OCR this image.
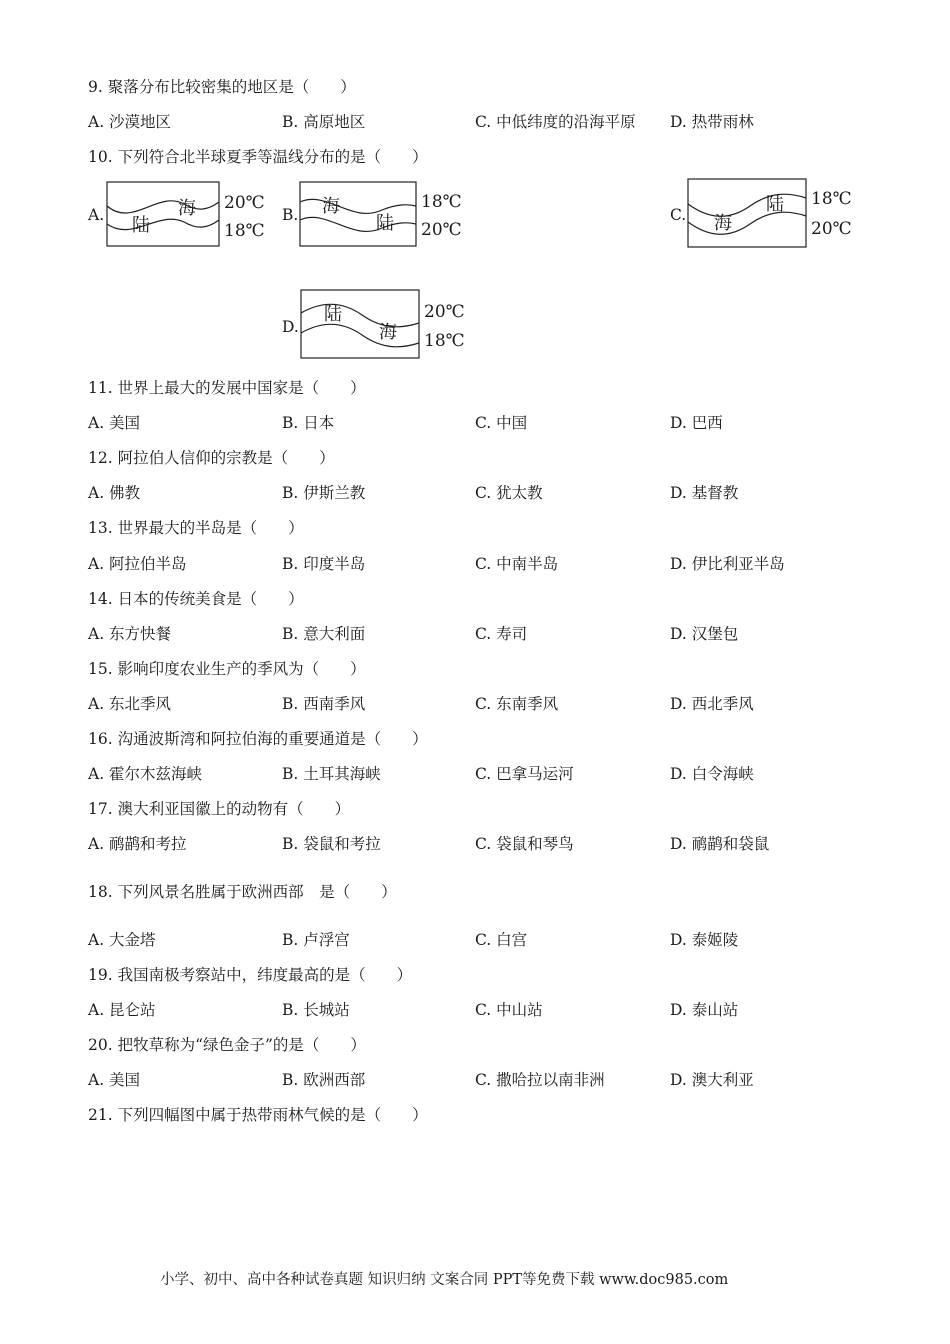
9. 聚落分布比较密集的地区是（　　）
A. 沙漠地区	B. 高原地区	C. 中低纬度的沿海平原 D. 热带雨林
10. 下列符合北半球夏季等温线分布的是（　　）
A. 陆
海 20℃
18℃
B. 海
陆
18℃
20℃
C. 海
陆 18℃
20℃
D.
陆
海
20℃
18℃
11. 世界上最大的发展中国家是（　　）
A. 美国	B. 日本	C. 中国	D. 巴西
12. 阿拉伯人信仰的宗教是（　　）
A. 佛教	B. 伊斯兰教	C. 犹太教	D. 基督教
13. 世界最大的半岛是（　　）
A. 阿拉伯半岛	B. 印度半岛	C. 中南半岛	D. 伊比利亚半岛
14. 日本的传统美食是（　　）
A. 东方快餐	B. 意大利面	C. 寿司	D. 汉堡包
15. 影响印度农业生产的季风为（　　）
A. 东北季风	B. 西南季风	C. 东南季风	D. 西北季风
16. 沟通波斯湾和阿拉伯海的重要通道是（　　）
A. 霍尔木兹海峡	B. 土耳其海峡	C. 巴拿马运河	D. 白令海峡
17. 澳大利亚国徽上的动物有（　　）
A. 鸸鹋和考拉	B. 袋鼠和考拉	C. 袋鼠和琴鸟	D. 鸸鹋和袋鼠
18. 下列风景名胜属于欧洲西部　是（　　）
A. 大金塔	B. 卢浮宫	C. 白宫	D. 泰姬陵
19. 我国南极考察站中，纬度最高的是（　　）
A. 昆仑站	B. 长城站	C. 中山站	D. 泰山站
20. 把牧草称为“绿色金子”的是（　　）
A. 美国	B. 欧洲西部	C. 撒哈拉以南非洲	D. 澳大利亚
21. 下列四幅图中属于热带雨林气候的是（　　）
小学、初中、高中各种试卷真题 知识归纳 文案合同 PPT等免费下载 www.doc985.com
